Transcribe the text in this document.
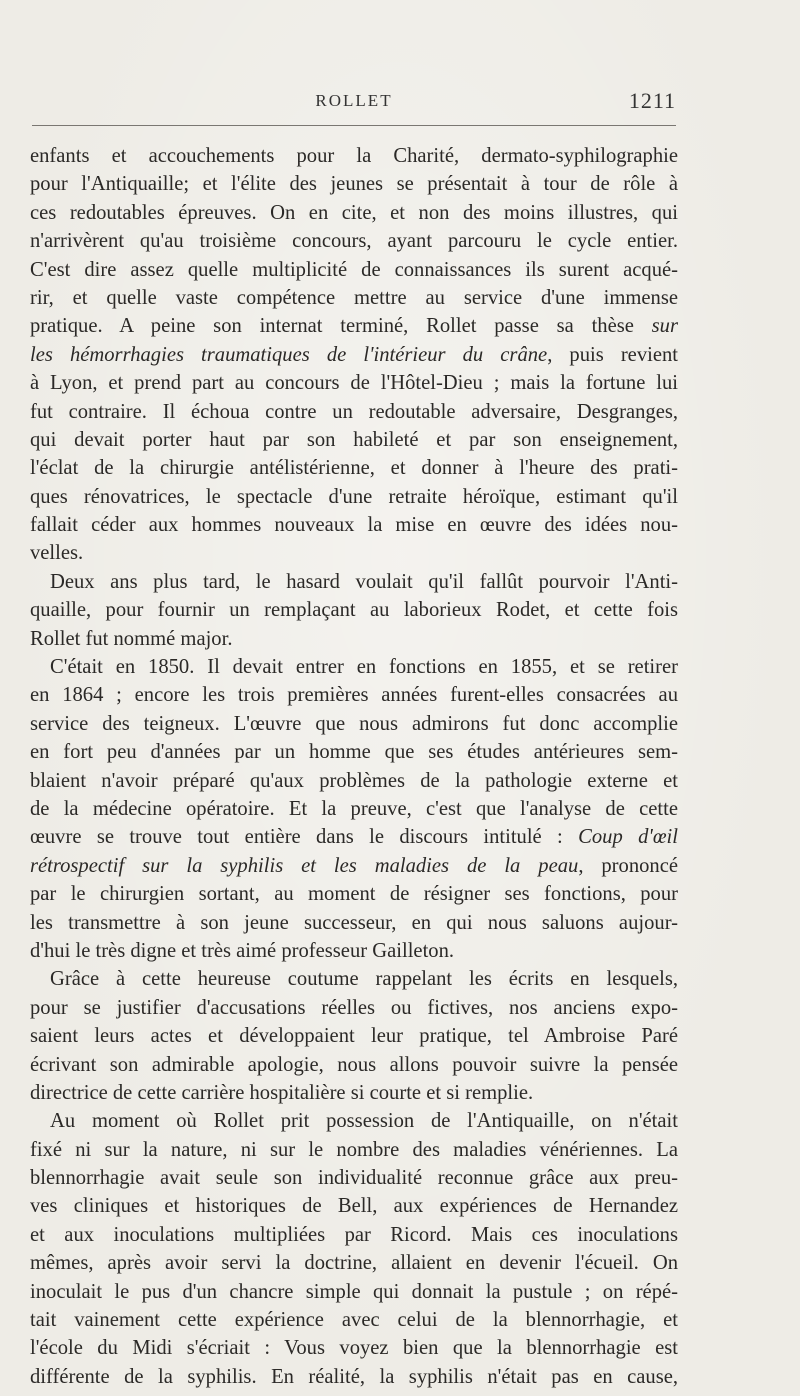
ROLLET	1211
enfants et accouchements pour la Charité, dermato-syphilographie
pour l'Antiquaille; et l'élite des jeunes se présentait à tour de rôle à
ces redoutables épreuves. On en cite, et non des moins illustres, qui
n'arrivèrent qu'au troisième concours, ayant parcouru le cycle entier.
C'est dire assez quelle multiplicité de connaissances ils surent acqué-
rir, et quelle vaste compétence mettre au service d'une immense
pratique. A peine son internat terminé, Rollet passe sa thèse sur
les hémorrhagies traumatiques de l'intérieur du crâne, puis revient
à Lyon, et prend part au concours de l'Hôtel-Dieu ; mais la fortune lui
fut contraire. Il échoua contre un redoutable adversaire, Desgranges,
qui devait porter haut par son habileté et par son enseignement,
l'éclat de la chirurgie antélistérienne, et donner à l'heure des prati-
ques rénovatrices, le spectacle d'une retraite héroïque, estimant qu'il
fallait céder aux hommes nouveaux la mise en œuvre des idées nou-
velles.
Deux ans plus tard, le hasard voulait qu'il fallût pourvoir l'Anti-
quaille, pour fournir un remplaçant au laborieux Rodet, et cette fois
Rollet fut nommé major.
C'était en 1850. Il devait entrer en fonctions en 1855, et se retirer
en 1864 ; encore les trois premières années furent-elles consacrées au
service des teigneux. L'œuvre que nous admirons fut donc accomplie
en fort peu d'années par un homme que ses études antérieures sem-
blaient n'avoir préparé qu'aux problèmes de la pathologie externe et
de la médecine opératoire. Et la preuve, c'est que l'analyse de cette
œuvre se trouve tout entière dans le discours intitulé : Coup d'œil
rétrospectif sur la syphilis et les maladies de la peau, prononcé
par le chirurgien sortant, au moment de résigner ses fonctions, pour
les transmettre à son jeune successeur, en qui nous saluons aujour-
d'hui le très digne et très aimé professeur Gailleton.
Grâce à cette heureuse coutume rappelant les écrits en lesquels,
pour se justifier d'accusations réelles ou fictives, nos anciens expo-
saient leurs actes et développaient leur pratique, tel Ambroise Paré
écrivant son admirable apologie, nous allons pouvoir suivre la pensée
directrice de cette carrière hospitalière si courte et si remplie.
Au moment où Rollet prit possession de l'Antiquaille, on n'était
fixé ni sur la nature, ni sur le nombre des maladies vénériennes. La
blennorrhagie avait seule son individualité reconnue grâce aux preu-
ves cliniques et historiques de Bell, aux expériences de Hernandez
et aux inoculations multipliées par Ricord. Mais ces inoculations
mêmes, après avoir servi la doctrine, allaient en devenir l'écueil. On
inoculait le pus d'un chancre simple qui donnait la pustule ; on répé-
tait vainement cette expérience avec celui de la blennorrhagie, et
l'école du Midi s'écriait : Vous voyez bien que la blennorrhagie est
différente de la syphilis. En réalité, la syphilis n'était pas en cause,
